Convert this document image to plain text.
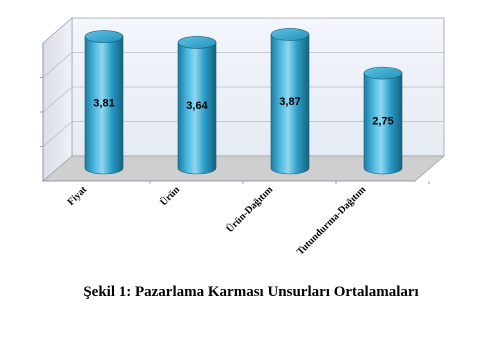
3,81	3,64	3,87
2,75
Fiyat	Ürün	Ürün-Dağıtım Tutundurma-Dağıtım
Şekil 1: Pazarlama Karması Unsurları Ortalamaları
